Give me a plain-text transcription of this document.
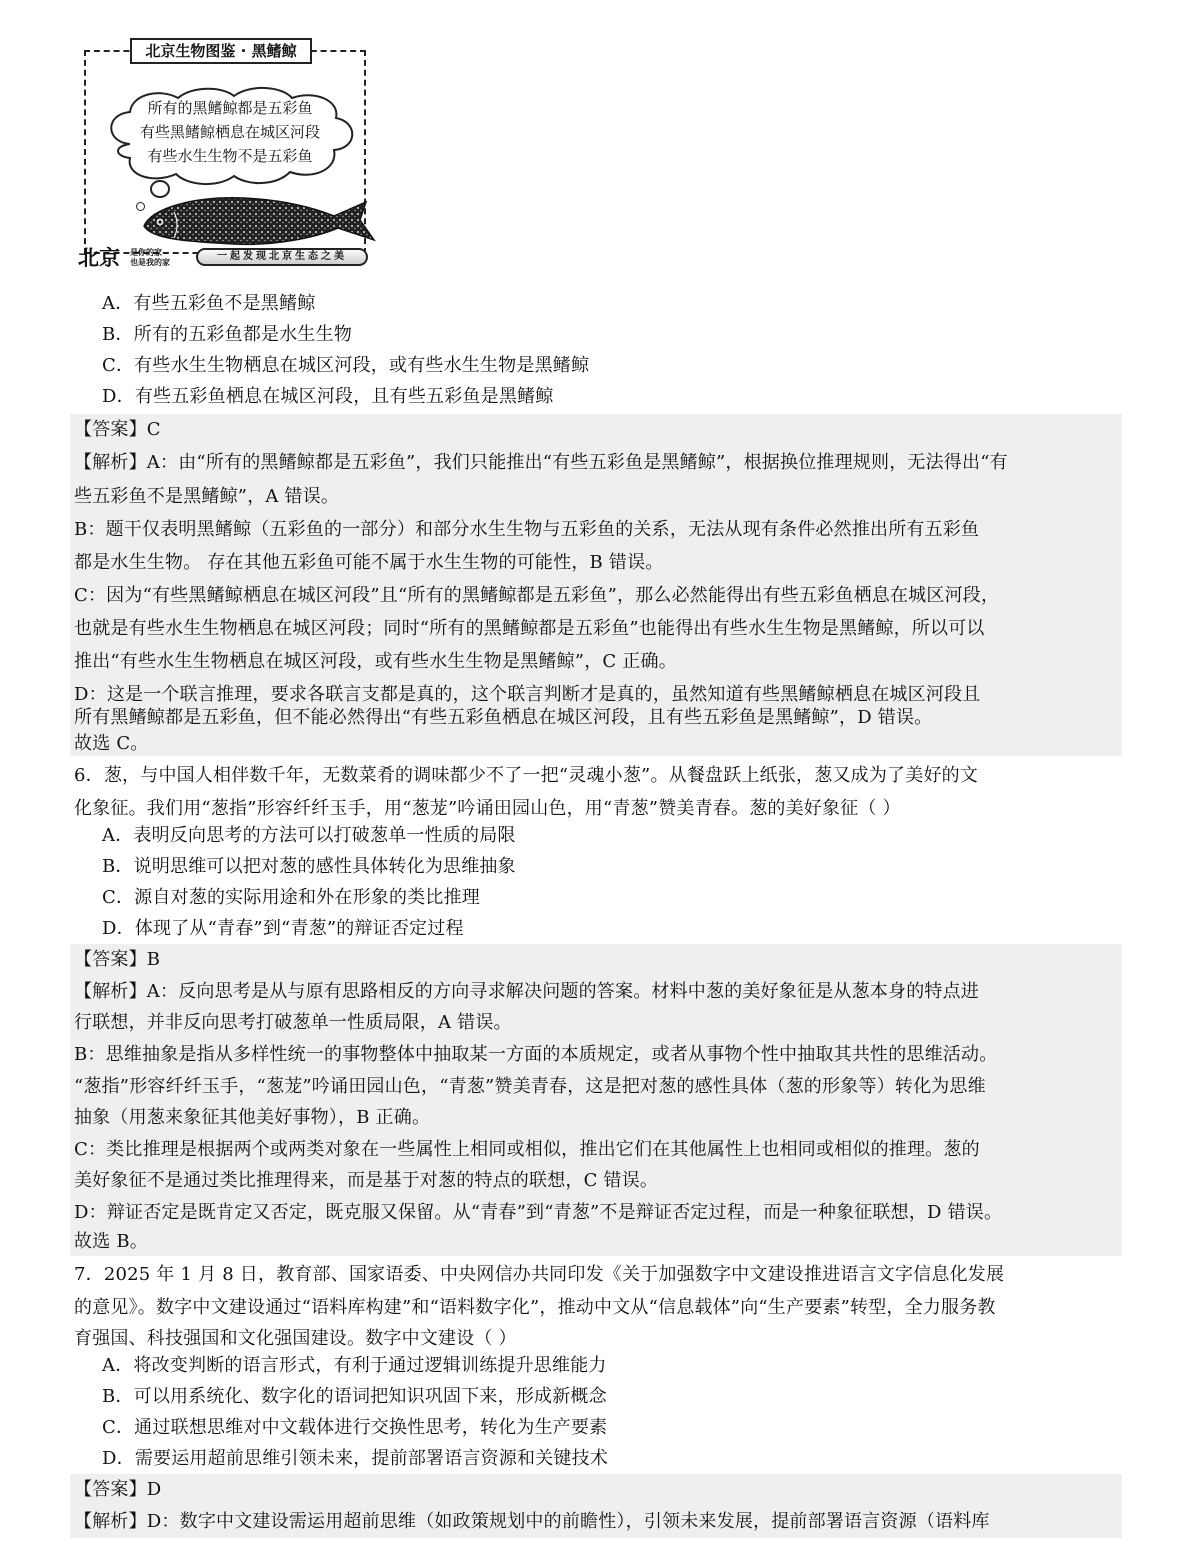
北京生物图鉴 · 黑鳍鲸
所有的黑鳍鲸都是五彩鱼
有些黑鳍鲸栖息在城区河段
有些水生生物不是五彩鱼
北京 是你的家
也是我的家
一起发现北京生态之美
A．有些五彩鱼不是黑鳍鲸
B．所有的五彩鱼都是水生生物
C．有些水生生物栖息在城区河段，或有些水生生物是黑鳍鲸
D．有些五彩鱼栖息在城区河段，且有些五彩鱼是黑鳍鲸
【答案】C
【解析】A：由“所有的黑鳍鲸都是五彩鱼”，我们只能推出“有些五彩鱼是黑鳍鲸”，根据换位推理规则，无法得出“有
些五彩鱼不是黑鳍鲸”，A 错误。
B：题干仅表明黑鳍鲸（五彩鱼的一部分）和部分水生生物与五彩鱼的关系，无法从现有条件必然推出所有五彩鱼
都是水生生物。 存在其他五彩鱼可能不属于水生生物的可能性，B 错误。
C：因为“有些黑鳍鲸栖息在城区河段”且“所有的黑鳍鲸都是五彩鱼”，那么必然能得出有些五彩鱼栖息在城区河段，
也就是有些水生生物栖息在城区河段；同时“所有的黑鳍鲸都是五彩鱼”也能得出有些水生生物是黑鳍鲸，所以可以
推出“有些水生生物栖息在城区河段，或有些水生生物是黑鳍鲸”，C 正确。
D：这是一个联言推理，要求各联言支都是真的，这个联言判断才是真的，虽然知道有些黑鳍鲸栖息在城区河段且
所有黑鳍鲸都是五彩鱼，但不能必然得出“有些五彩鱼栖息在城区河段，且有些五彩鱼是黑鳍鲸”，D 错误。
故选 C。
6．葱，与中国人相伴数千年，无数菜肴的调味都少不了一把“灵魂小葱”。从餐盘跃上纸张，葱又成为了美好的文
化象征。我们用“葱指”形容纤纤玉手，用“葱茏”吟诵田园山色，用“青葱”赞美青春。葱的美好象征（ ）
A．表明反向思考的方法可以打破葱单一性质的局限
B．说明思维可以把对葱的感性具体转化为思维抽象
C．源自对葱的实际用途和外在形象的类比推理
D．体现了从“青春”到“青葱”的辩证否定过程
【答案】B
【解析】A：反向思考是从与原有思路相反的方向寻求解决问题的答案。材料中葱的美好象征是从葱本身的特点进
行联想，并非反向思考打破葱单一性质局限，A 错误。
B：思维抽象是指从多样性统一的事物整体中抽取某一方面的本质规定，或者从事物个性中抽取其共性的思维活动。
“葱指”形容纤纤玉手，“葱茏”吟诵田园山色，“青葱”赞美青春，这是把对葱的感性具体（葱的形象等）转化为思维
抽象（用葱来象征其他美好事物），B 正确。
C：类比推理是根据两个或两类对象在一些属性上相同或相似，推出它们在其他属性上也相同或相似的推理。葱的
美好象征不是通过类比推理得来，而是基于对葱的特点的联想，C 错误。
D：辩证否定是既肯定又否定，既克服又保留。从“青春”到“青葱”不是辩证否定过程，而是一种象征联想，D 错误。
故选 B。
7．2025 年 1 月 8 日，教育部、国家语委、中央网信办共同印发《关于加强数字中文建设推进语言文字信息化发展
的意见》。数字中文建设通过“语料库构建”和“语料数字化”，推动中文从“信息载体”向“生产要素”转型，全力服务教
育强国、科技强国和文化强国建设。数字中文建设（ ）
A．将改变判断的语言形式，有利于通过逻辑训练提升思维能力
B．可以用系统化、数字化的语词把知识巩固下来，形成新概念
C．通过联想思维对中文载体进行交换性思考，转化为生产要素
D．需要运用超前思维引领未来，提前部署语言资源和关键技术
【答案】D
【解析】D：数字中文建设需运用超前思维（如政策规划中的前瞻性），引领未来发展，提前部署语言资源（语料库
